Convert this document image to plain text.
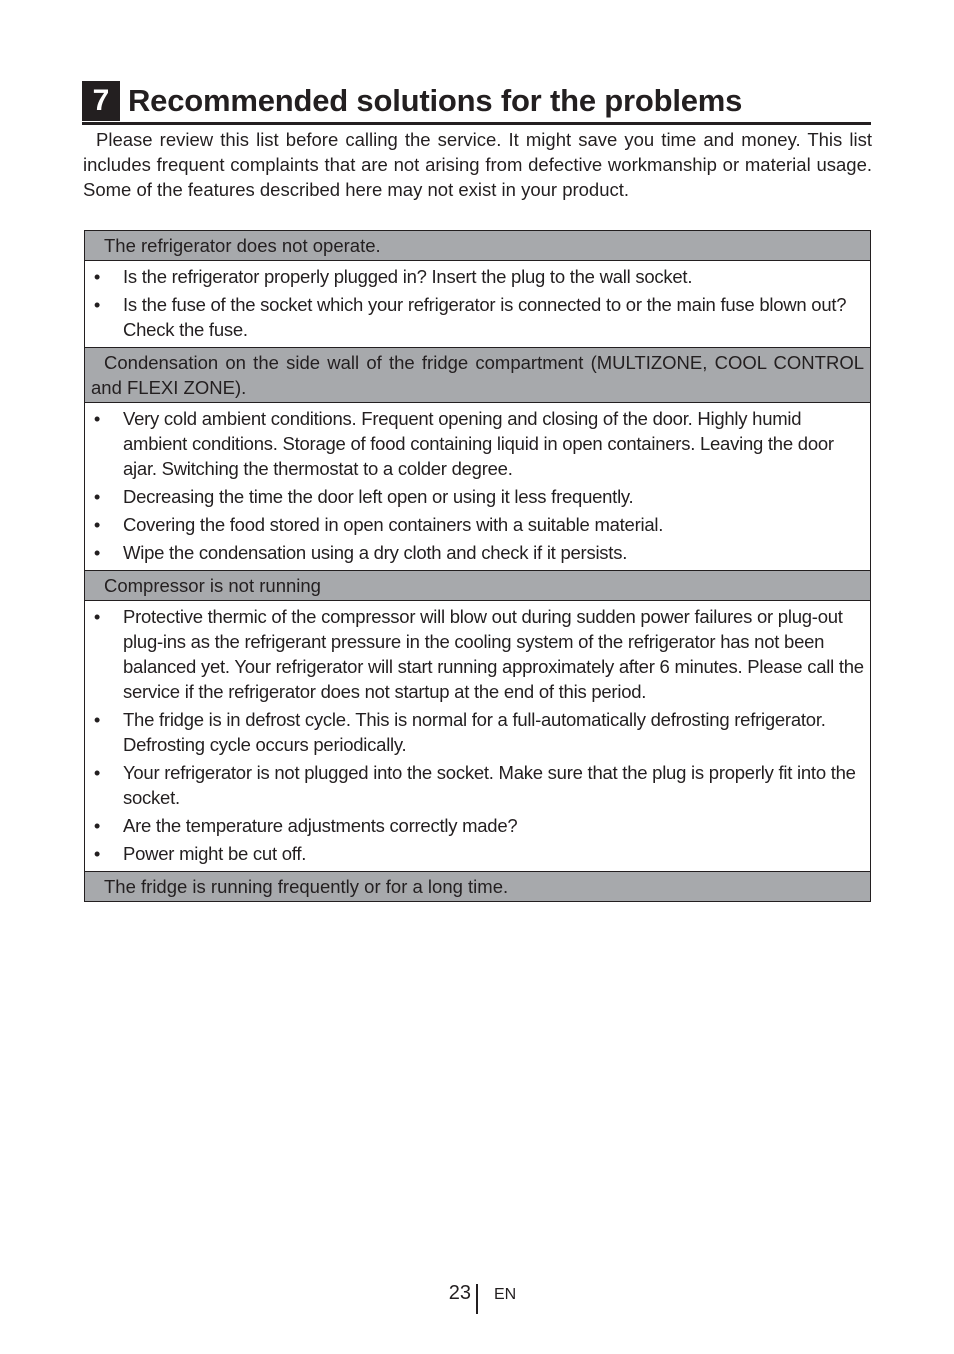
7 Recommended solutions for the problems

Please review this list before calling the service. It might save you time and money. This list includes frequent complaints that are not arising from defective workmanship or material usage. Some of the features described here may not exist in your product.

The refrigerator does not operate.
• Is the refrigerator properly plugged in? Insert the plug to the wall socket.
• Is the fuse of the socket which your refrigerator is connected to or the main fuse blown out? Check the fuse.
Condensation on the side wall of the fridge compartment (MULTIZONE, COOL CONTROL and FLEXI ZONE).
• Very cold ambient conditions. Frequent opening and closing of the door. Highly humid ambient conditions. Storage of food containing liquid in open containers. Leaving the door ajar. Switching the thermostat to a colder degree.
• Decreasing the time the door left open or using it less frequently.
• Covering the food stored in open containers with a suitable material.
• Wipe the condensation using a dry cloth and check if it persists.
Compressor is not running
• Protective thermic of the compressor will blow out during sudden power failures or plug-out plug-ins as the refrigerant pressure in the cooling system of the refrigerator has not been balanced yet. Your refrigerator will start running approximately after 6 minutes. Please call the service if the refrigerator does not startup at the end of this period.
• The fridge is in defrost cycle. This is normal for a full-automatically defrosting refrigerator. Defrosting cycle occurs periodically.
• Your refrigerator is not plugged into the socket. Make sure that the plug is properly fit into the socket.
• Are the temperature adjustments correctly made?
• Power might be cut off.
The fridge is running frequently or for a long time.
23 EN
